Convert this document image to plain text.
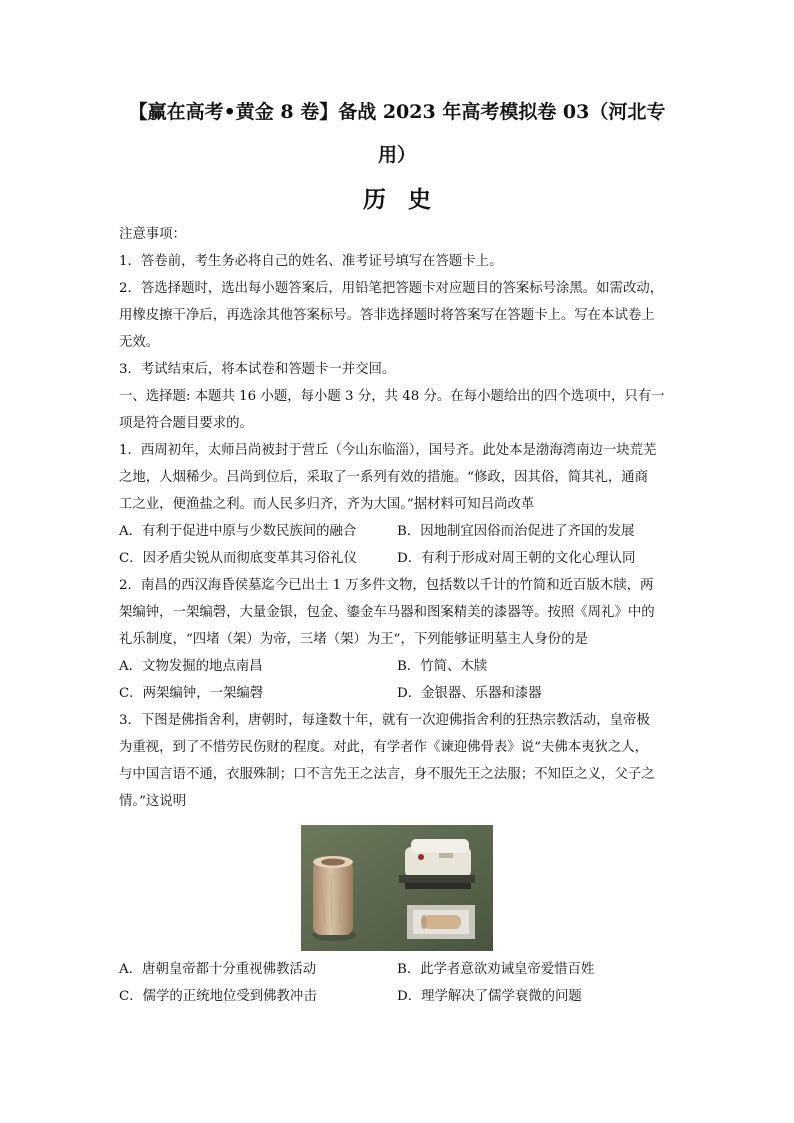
【赢在高考•黄金 8 卷】备战 2023 年高考模拟卷 03（河北专
用）
历史
注意事项：
1．答卷前，考生务必将自己的姓名、准考证号填写在答题卡上。
2．答选择题时，选出每小题答案后，用铅笔把答题卡对应题目的答案标号涂黑。如需改动，
用橡皮擦干净后，再选涂其他答案标号。答非选择题时将答案写在答题卡上。写在本试卷上
无效。
3．考试结束后，将本试卷和答题卡一并交回。
一、选择题: 本题共 16 小题，每小题 3 分，共 48 分。在每小题给出的四个选项中，只有一
项是符合题目要求的。
1．西周初年，太师吕尚被封于营丘（今山东临淄），国号齐。此处本是渤海湾南边一块荒芜
之地，人烟稀少。吕尚到位后，采取了一系列有效的措施。“修政，因其俗，简其礼，通商
工之业，便渔盐之利。而人民多归齐，齐为大国。”据材料可知吕尚改革
A．有利于促进中原与少数民族间的融合	B．因地制宜因俗而治促进了齐国的发展
C．因矛盾尖锐从而彻底变革其习俗礼仪	D．有利于形成对周王朝的文化心理认同
2．南昌的西汉海昏侯墓迄今已出土 1 万多件文物，包括数以千计的竹简和近百版木牍，两
架编钟，一架编磬，大量金银，包金、鎏金车马器和图案精美的漆器等。按照《周礼》中的
礼乐制度，“四堵（架）为帝，三堵（架）为王”，下列能够证明墓主人身份的是
A．文物发掘的地点南昌	B．竹简、木牍
C．两架编钟，一架编磬	D．金银器、乐器和漆器
3．下图是佛指舍利，唐朝时，每逢数十年，就有一次迎佛指舍利的狂热宗教活动，皇帝极
为重视，到了不惜劳民伤财的程度。对此，有学者作《谏迎佛骨表》说“夫佛本夷狄之人，
与中国言语不通，衣服殊制；口不言先王之法言，身不服先王之法服；不知臣之义，父子之
情。”这说明
A．唐朝皇帝都十分重视佛教活动	B．此学者意欲劝诫皇帝爱惜百姓
C．儒学的正统地位受到佛教冲击	D．理学解决了儒学衰微的问题
